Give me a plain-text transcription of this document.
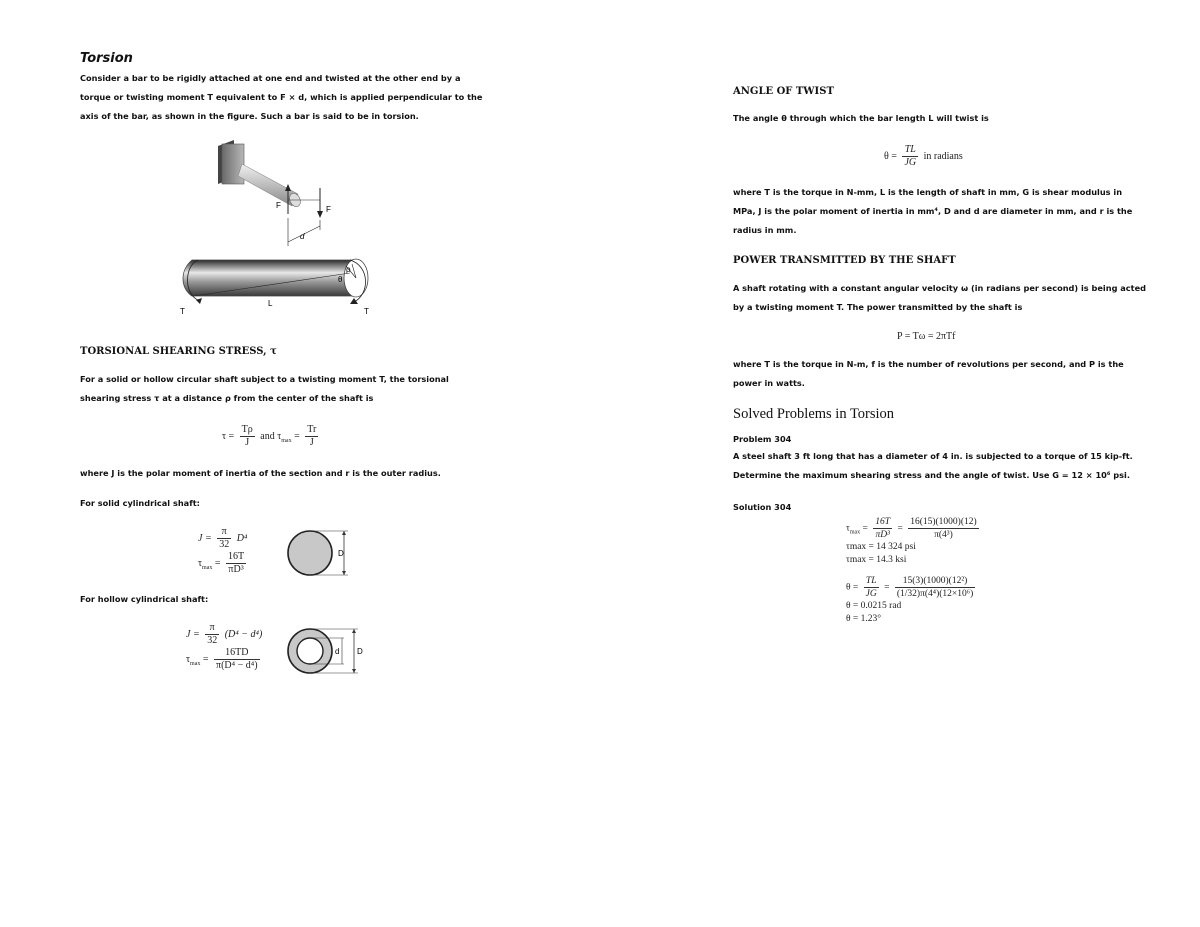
Torsion
Consider a bar to be rigidly attached at one end and twisted at the other end by a
torque or twisting moment T equivalent to F × d, which is applied perpendicular to the
axis of the bar, as shown in the figure. Such a bar is said to be in torsion.
F	F
d
T	T
L
θ
ρ
TORSIONAL SHEARING STRESS, τ
For a solid or hollow circular shaft subject to a twisting moment T, the torsional
shearing stress τ at a distance ρ from the center of the shaft is
$\tau = \frac{T\rho}{J}$ and $\tau_{max} = \frac{Tr}{J}$
where J is the polar moment of inertia of the section and r is the outer radius.
For solid cylindrical shaft:
$J = \frac{\pi}{32} D^4$
$\tau_{max} = \frac{16T}{\text{πD³}}$	D
For hollow cylindrical shaft:
$J = \frac{\pi}{32} (D^4 - d^4)$
$\tau_{max} = \frac{16TD}{\text{π(D⁴ − d⁴)}}$	d D
ANGLE OF TWIST
The angle θ through which the bar length L will twist is
$\theta = \frac{TL}{JG}$ in radians
where T is the torque in N-mm, L is the length of shaft in mm, G is shear modulus in
MPa, J is the polar moment of inertia in mm⁴, D and d are diameter in mm, and r is the
radius in mm.
POWER TRANSMITTED BY THE SHAFT
A shaft rotating with a constant angular velocity ω (in radians per second) is being acted
by a twisting moment T. The power transmitted by the shaft is
P = Tω = 2πTf
where T is the torque in N-m, f is the number of revolutions per second, and P is the
power in watts.
Solved Problems in Torsion
Problem 304
A steel shaft 3 ft long that has a diameter of 4 in. is subjected to a torque of 15 kip-ft.
Determine the maximum shearing stress and the angle of twist. Use G = 12 × 10⁶ psi.
Solution 304
$\tau_{max} = \frac{16T}{\text{πD³}} = \frac{16(15)(1000)(12)}{\text{π(4³)}}$
τmax = 14 324 psi
τmax = 14.3 ksi
$\theta = \frac{TL}{JG} = \frac{\text{15(3)(1000)(12²)}}{\text{(1/32)π(4⁴)(12×10⁶)}}$
θ = 0.0215 rad
θ = 1.23°
